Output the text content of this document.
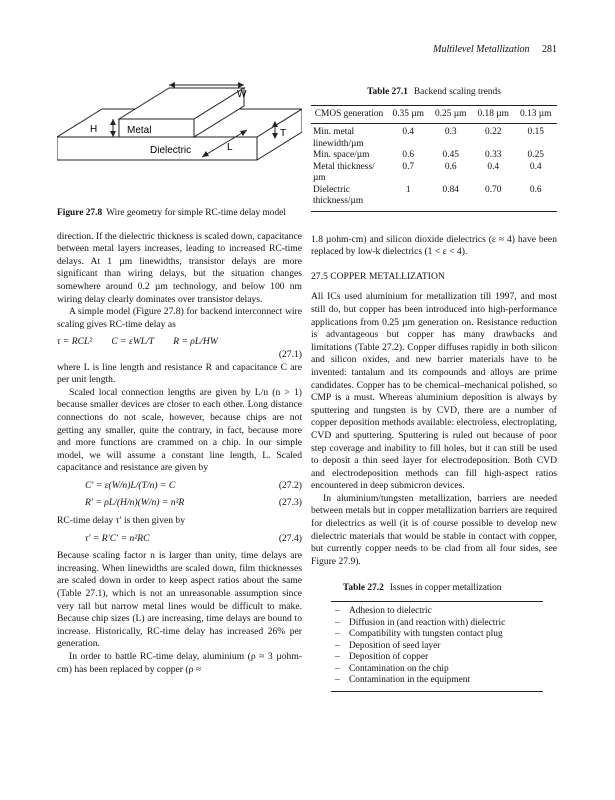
Multilevel Metallization 281
W
T
L
H	Metal
Dielectric

Figure 27.8 Wire geometry for simple RC-time delay model

direction. If the dielectric thickness is scaled down, capacitance between metal layers increases, leading to increased RC-time delays. At 1 µm linewidths, transistor delays are more significant than wiring delays, but the situation changes somewhere around 0.2 µm technology, and below 100 nm wiring delay clearly dominates over transistor delays.

A simple model (Figure 27.8) for backend interconnect wire scaling gives RC-time delay as

τ = RCL²        C = εWL/T        R = ρL/HW
(27.1)

where L is line length and resistance R and capacitance C are per unit length.

Scaled local connection lengths are given by L/n (n > 1) because smaller devices are closer to each other. Long distance connections do not scale, however, because chips are not getting any smaller, quite the contrary, in fact, because more and more functions are crammed on a chip. In our simple model, we will assume a constant line length, L. Scaled capacitance and resistance are given by

C′ = ε(W/n)L/(T/n) = C	(27.2)
R′ = ρL/(H/n)(W/n) = n²R	(27.3)

RC-time delay τ′ is then given by

τ′ = R′C′ = n²RC	(27.4)

Because scaling factor n is larger than unity, time delays are increasing. When linewidths are scaled down, film thicknesses are scaled down in order to keep aspect ratios about the same (Table 27.1), which is not an unreasonable assumption since very tall but narrow metal lines would be difficult to make. Because chip sizes (L) are increasing, time delays are bound to increase. Historically, RC-time delay has increased 26% per generation.

In order to battle RC-time delay, aluminium (ρ ≈ 3 µohm-cm) has been replaced by copper (ρ ≈

Table 27.1 Backend scaling trends
CMOS generation	0.35 µm	0.25 µm	0.18 µm	0.13 µm
Min. metal linewidth/µm	0.4	0.3	0.22	0.15
Min. space/µm	0.6	0.45	0.33	0.25
Metal thickness/µm	0.7	0.6	0.4	0.4
Dielectric thickness/µm	1	0.84	0.70	0.6

1.8 µohm-cm) and silicon dioxide dielectrics (ε ≈ 4) have been replaced by low-k dielectrics (1 < ε < 4).

27.5 COPPER METALLIZATION

All ICs used aluminium for metallization till 1997, and most still do, but copper has been introduced into high-performance applications from 0.25 µm generation on. Resistance reduction is advantageous but copper has many drawbacks and limitations (Table 27.2). Copper diffuses rapidly in both silicon and silicon oxides, and new barrier materials have to be invented: tantalum and its compounds and alloys are prime candidates. Copper has to be chemical–mechanical polished, so CMP is a must. Whereas aluminium deposition is always by sputtering and tungsten is by CVD, there are a number of copper deposition methods available: electroless, electroplating, CVD and sputtering. Sputtering is ruled out because of poor step coverage and inability to fill holes, but it can still be used to deposit a thin seed layer for electrodeposition. Both CVD and electrodeposition methods can fill high-aspect ratios encountered in deep submicron devices.

In aluminium/tungsten metallization, barriers are needed between metals but in copper metallization barriers are required for dielectrics as well (it is of course possible to develop new dielectric materials that would be stable in contact with copper, but currently copper needs to be clad from all four sides, see Figure 27.9).

Table 27.2 Issues in copper metallization
– Adhesion to dielectric
– Diffusion in (and reaction with) dielectric
– Compatibility with tungsten contact plug
– Deposition of seed layer
– Deposition of copper
– Contamination on the chip
– Contamination in the equipment
